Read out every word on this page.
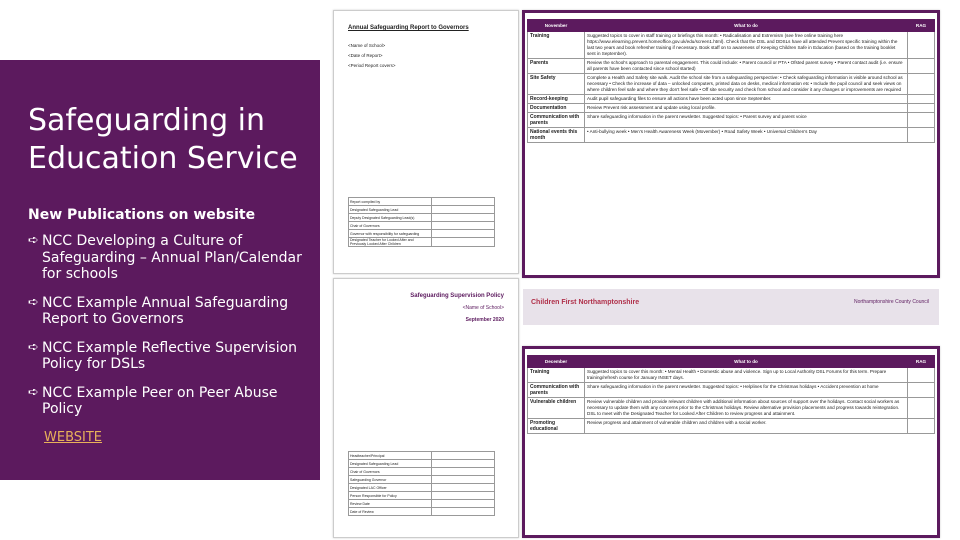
Safeguarding in Education Service
New Publications on website
➪ NCC Developing a Culture of Safeguarding – Annual Plan/Calendar for schools
➪ NCC Example Annual Safeguarding Report to Governors
➪ NCC Example Reflective Supervision Policy for DSLs
➪ NCC Example Peer on Peer Abuse Policy
WEBSITE
Annual Safeguarding Report to Governors
<Name of School>
<Date of Report>
<Period Report covers>
Report compiled by	
Designated Safeguarding Lead	
Deputy Designated Safeguarding Lead(s)	
Chair of Governors	
Governor with responsibility for safeguarding	
Designated Teacher for Looked After and Previously Looked After Children	
Safeguarding Supervision Policy
<Name of School>
September 2020
Headteacher/Principal	
Designated Safeguarding Lead	
Chair of Governors	
Safeguarding Governor	
Designated LAC Officer	
Person Responsible for Policy	
Review Date	
Date of Review	
November	What to do	RAG
Training	Suggested topics to cover in staff training or briefings this month: • Radicalisation and Extremism (see free online training here https://www.elearning.prevent.homeoffice.gov.uk/edu/screen1.html). Check that the DSL and DDSLs have all attended Prevent specific training within the last two years and book refresher training if necessary. Book staff on to awareness of Keeping Children Safe in Education (based on the training booklet sent in September).	
Parents	Review the school’s approach to parental engagement. This could include: • Parent council or PTA • Ofsted parent survey • Parent contact audit (i.e. ensure all parents have been contacted since school started)	
Site Safety	Complete a Health and Safety site walk. Audit the school site from a safeguarding perspective: • Check safeguarding information is visible around school as necessary • Check the increase of data – unlocked computers, printed data on desks, medical information etc • Include the pupil council and seek views on where children feel safe and where they don’t feel safe • Off site security and check from school and consider it any changes or improvements are required	
Record-keeping	Audit pupil safeguarding files to ensure all actions have been acted upon since September.	
Documentation	Review Prevent risk assessment and update using local profile.	
Communication with parents	Share safeguarding information in the parent newsletter. Suggested topics: • Parent survey and parent voice	
National events this month	• Anti-bullying week • Men’s Health Awareness Week (Movember) • Road Safety Week • Universal Children’s Day	
Children First Northamptonshire	Northamptonshire County Council
December	What to do	RAG
Training	Suggested topics to cover this month: • Mental Health • Domestic abuse and violence. Sign up to Local Authority DSL Forums for this term. Prepare training/refresh course for January INSET days.	
Communication with parents	Share safeguarding information in the parent newsletter. Suggested topics: • Helplines for the Christmas holidays • Accident prevention at home	
Vulnerable children	Review vulnerable children and provide relevant children with additional information about sources of support over the holidays. Contact social workers as necessary to update them with any concerns prior to the Christmas holidays. Review alternative provision placements and progress towards reintegration. DSL to meet with the Designated Teacher for Looked After Children to review progress and attainment.	
Promoting educational	Review progress and attainment of vulnerable children and children with a social worker.	
